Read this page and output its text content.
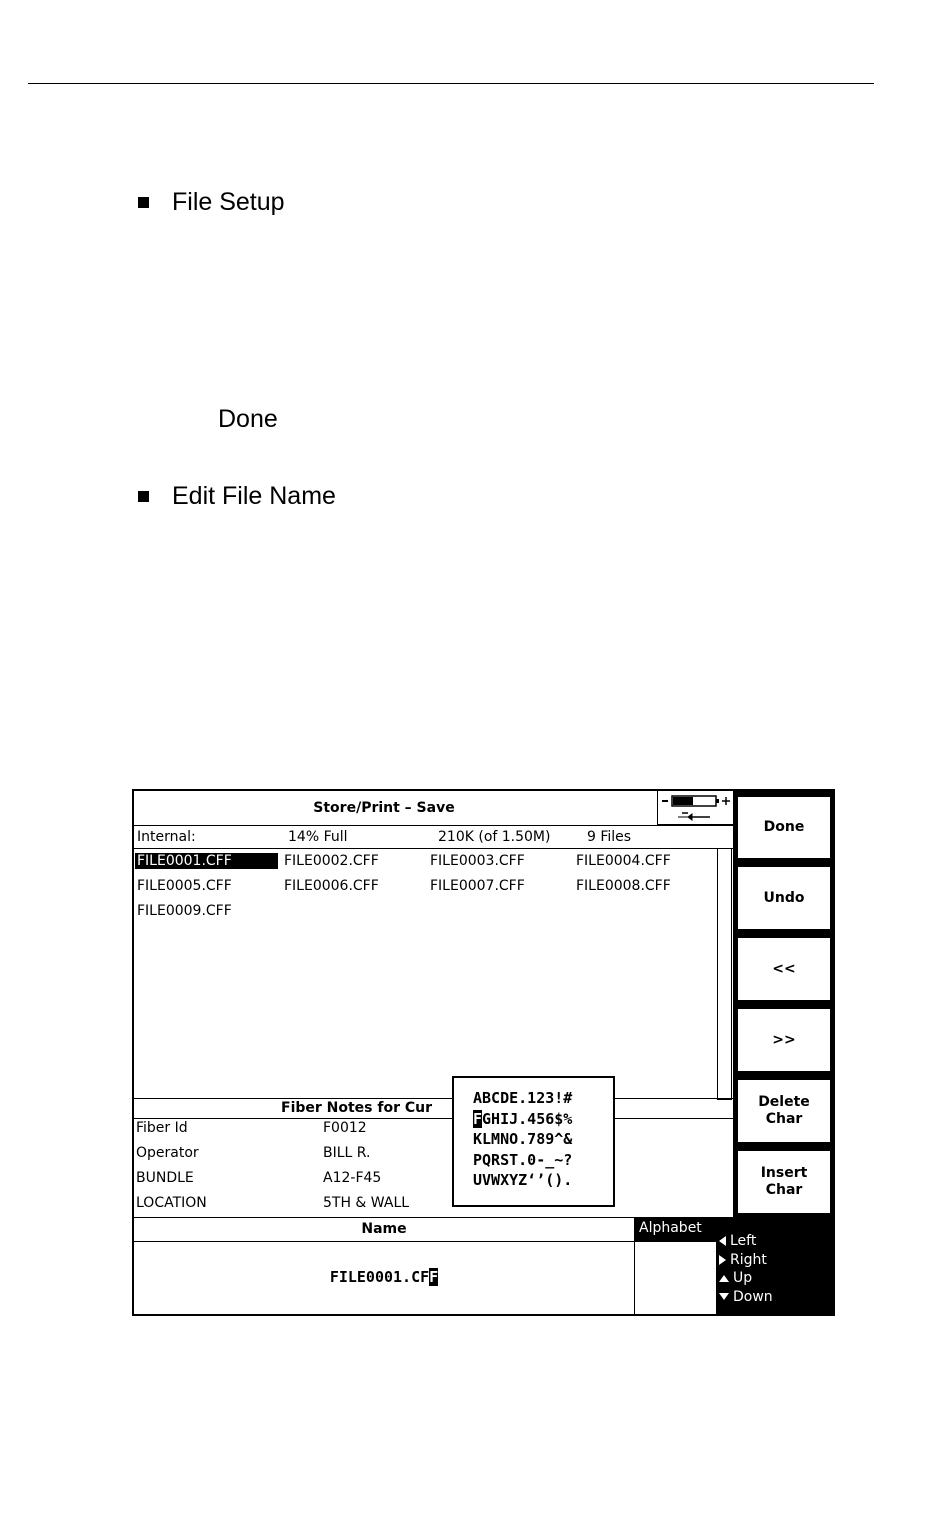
File Setup
Done
Edit File Name
Store/Print – Save
Internal:	14% Full	210K (of 1.50M)	9 Files
FILE0001.CFF	FILE0002.CFF	FILE0003.CFF	FILE0004.CFF
FILE0005.CFF	FILE0006.CFF	FILE0007.CFF	FILE0008.CFF
FILE0009.CFF
Fiber Notes for Cur
Fiber Id	F0012
Operator	BILL R.
BUNDLE	A12-F45
LOCATION	5TH & WALL
ABCDE.123!#
FGHIJ.456$%
KLMNO.789^&
PQRST.0-_~?
UVWXYZ‘’().
Name
FILE0001.CFF
Alphabet
Left
Right
Up
Down
Done
Undo
<<
>>
Delete
Char
Insert
Char
